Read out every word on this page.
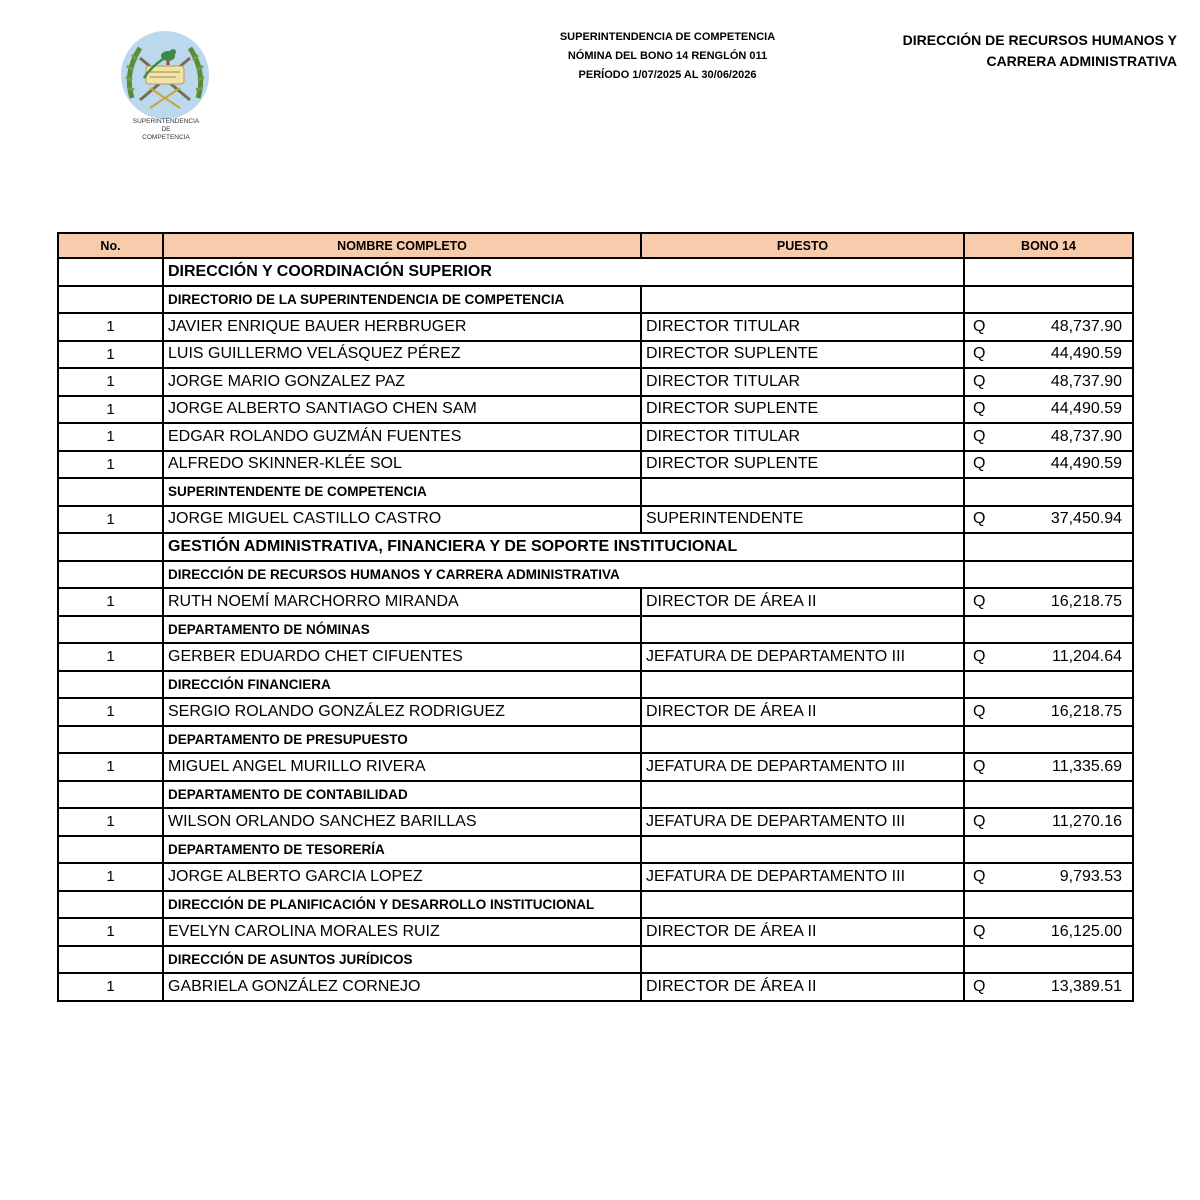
SUPERINTENDENCIA
DE
COMPETENCIA
SUPERINTENDENCIA DE COMPETENCIA
NÓMINA DEL BONO 14 RENGLÓN 011
PERÍODO 1/07/2025 AL 30/06/2026
DIRECCIÓN DE RECURSOS HUMANOS Y
CARRERA ADMINISTRATIVA
No.	NOMBRE COMPLETO	PUESTO	BONO 14
	DIRECCIÓN Y COORDINACIÓN SUPERIOR		
	DIRECTORIO DE LA SUPERINTENDENCIA DE COMPETENCIA		
1	JAVIER ENRIQUE BAUER HERBRUGER	DIRECTOR TITULAR	Q 48,737.90

1	LUIS GUILLERMO VELÁSQUEZ PÉREZ	DIRECTOR SUPLENTE	Q 44,490.59

1	JORGE MARIO GONZALEZ PAZ	DIRECTOR TITULAR	Q 48,737.90

1	JORGE ALBERTO SANTIAGO CHEN SAM	DIRECTOR SUPLENTE	Q 44,490.59

1	EDGAR ROLANDO GUZMÁN FUENTES	DIRECTOR TITULAR	Q 48,737.90

1	ALFREDO SKINNER-KLÉE SOL	DIRECTOR SUPLENTE	Q 44,490.59

	SUPERINTENDENTE DE COMPETENCIA		
1	JORGE MIGUEL CASTILLO CASTRO	SUPERINTENDENTE	Q 37,450.94

	GESTIÓN ADMINISTRATIVA, FINANCIERA Y DE SOPORTE INSTITUCIONAL		
	DIRECCIÓN DE RECURSOS HUMANOS Y CARRERA ADMINISTRATIVA		
1	RUTH NOEMÍ MARCHORRO MIRANDA	DIRECTOR DE ÁREA II	Q 16,218.75

	DEPARTAMENTO DE NÓMINAS		
1	GERBER EDUARDO CHET CIFUENTES	JEFATURA DE DEPARTAMENTO III	Q 11,204.64

	DIRECCIÓN FINANCIERA		
1	SERGIO ROLANDO GONZÁLEZ RODRIGUEZ	DIRECTOR DE ÁREA II	Q 16,218.75

	DEPARTAMENTO DE PRESUPUESTO		
1	MIGUEL ANGEL MURILLO RIVERA	JEFATURA DE DEPARTAMENTO III	Q 11,335.69

	DEPARTAMENTO DE CONTABILIDAD		
1	WILSON ORLANDO SANCHEZ BARILLAS	JEFATURA DE DEPARTAMENTO III	Q 11,270.16

	DEPARTAMENTO DE TESORERÍA		
1	JORGE ALBERTO GARCIA LOPEZ	JEFATURA DE DEPARTAMENTO III	Q 9,793.53

	DIRECCIÓN DE PLANIFICACIÓN Y DESARROLLO INSTITUCIONAL		
1	EVELYN CAROLINA MORALES RUIZ	DIRECTOR DE ÁREA II	Q 16,125.00

	DIRECCIÓN DE ASUNTOS JURÍDICOS		
1	GABRIELA GONZÁLEZ CORNEJO	DIRECTOR DE ÁREA II	Q 13,389.51
